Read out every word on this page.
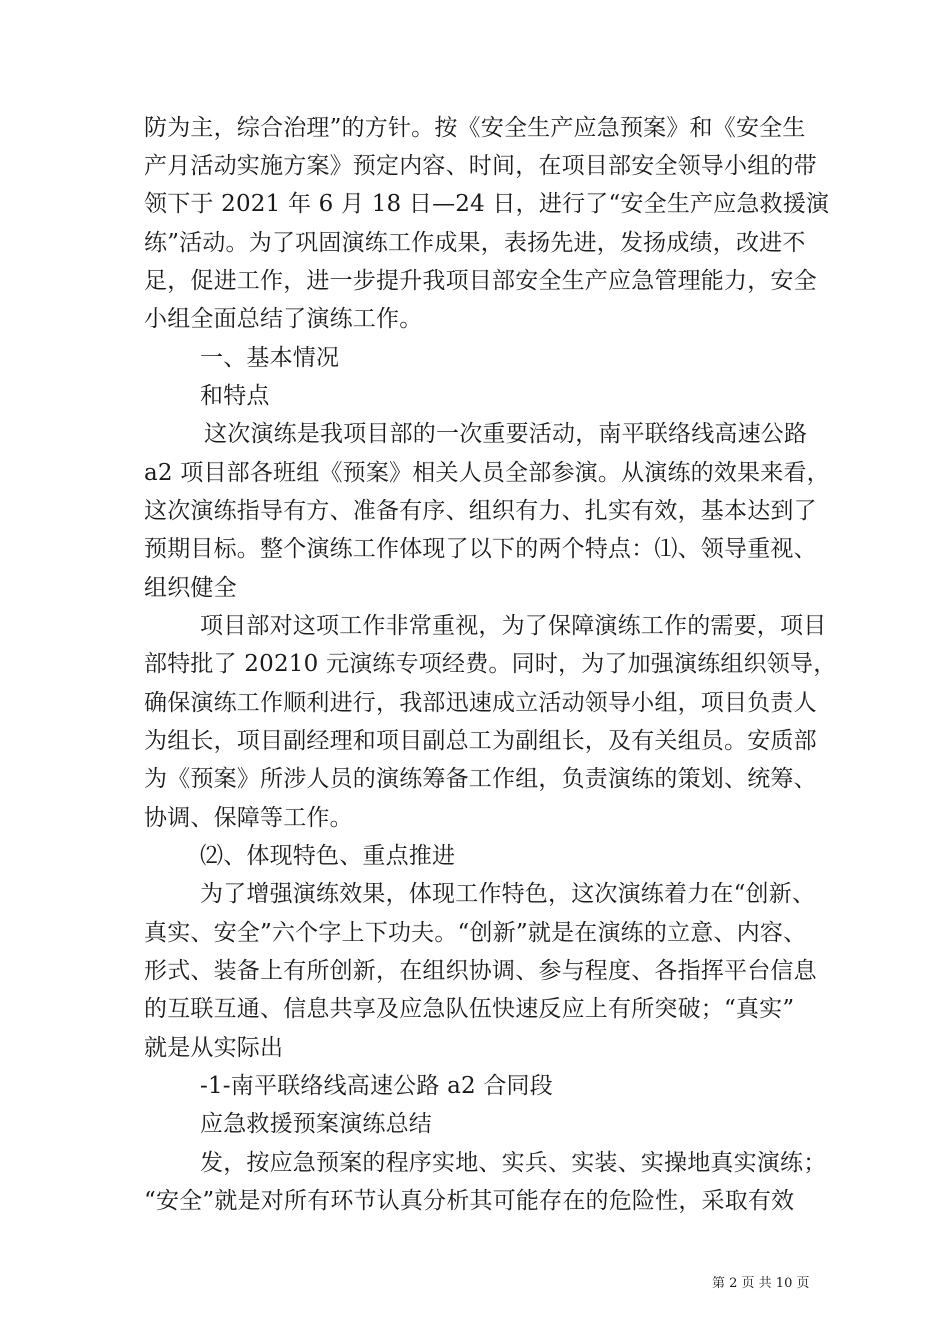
防为主，综合治理”的方针。按《安全生产应急预案》和《安全生
产月活动实施方案》预定内容、时间，在项目部安全领导小组的带
领下于 2021 年 6 月 18 日—24 日，进行了“安全生产应急救援演
练”活动。为了巩固演练工作成果，表扬先进，发扬成绩，改进不
足，促进工作，进一步提升我项目部安全生产应急管理能力，安全
小组全面总结了演练工作。
一、基本情况
和特点
这次演练是我项目部的一次重要活动，南平联络线高速公路
a2 项目部各班组《预案》相关人员全部参演。从演练的效果来看，
这次演练指导有方、准备有序、组织有力、扎实有效，基本达到了
预期目标。整个演练工作体现了以下的两个特点：⑴、领导重视、
组织健全
项目部对这项工作非常重视，为了保障演练工作的需要，项目
部特批了 20210 元演练专项经费。同时，为了加强演练组织领导，
确保演练工作顺利进行，我部迅速成立活动领导小组，项目负责人
为组长，项目副经理和项目副总工为副组长，及有关组员。安质部
为《预案》所涉人员的演练筹备工作组，负责演练的策划、统筹、
协调、保障等工作。
⑵、体现特色、重点推进
为了增强演练效果，体现工作特色，这次演练着力在“创新、
真实、安全”六个字上下功夫。“创新”就是在演练的立意、内容、
形式、装备上有所创新，在组织协调、参与程度、各指挥平台信息
的互联互通、信息共享及应急队伍快速反应上有所突破；“真实”
就是从实际出
-1-南平联络线高速公路 a2 合同段
应急救援预案演练总结
发，按应急预案的程序实地、实兵、实装、实操地真实演练；
“安全”就是对所有环节认真分析其可能存在的危险性，采取有效
第 2 页 共 10 页
